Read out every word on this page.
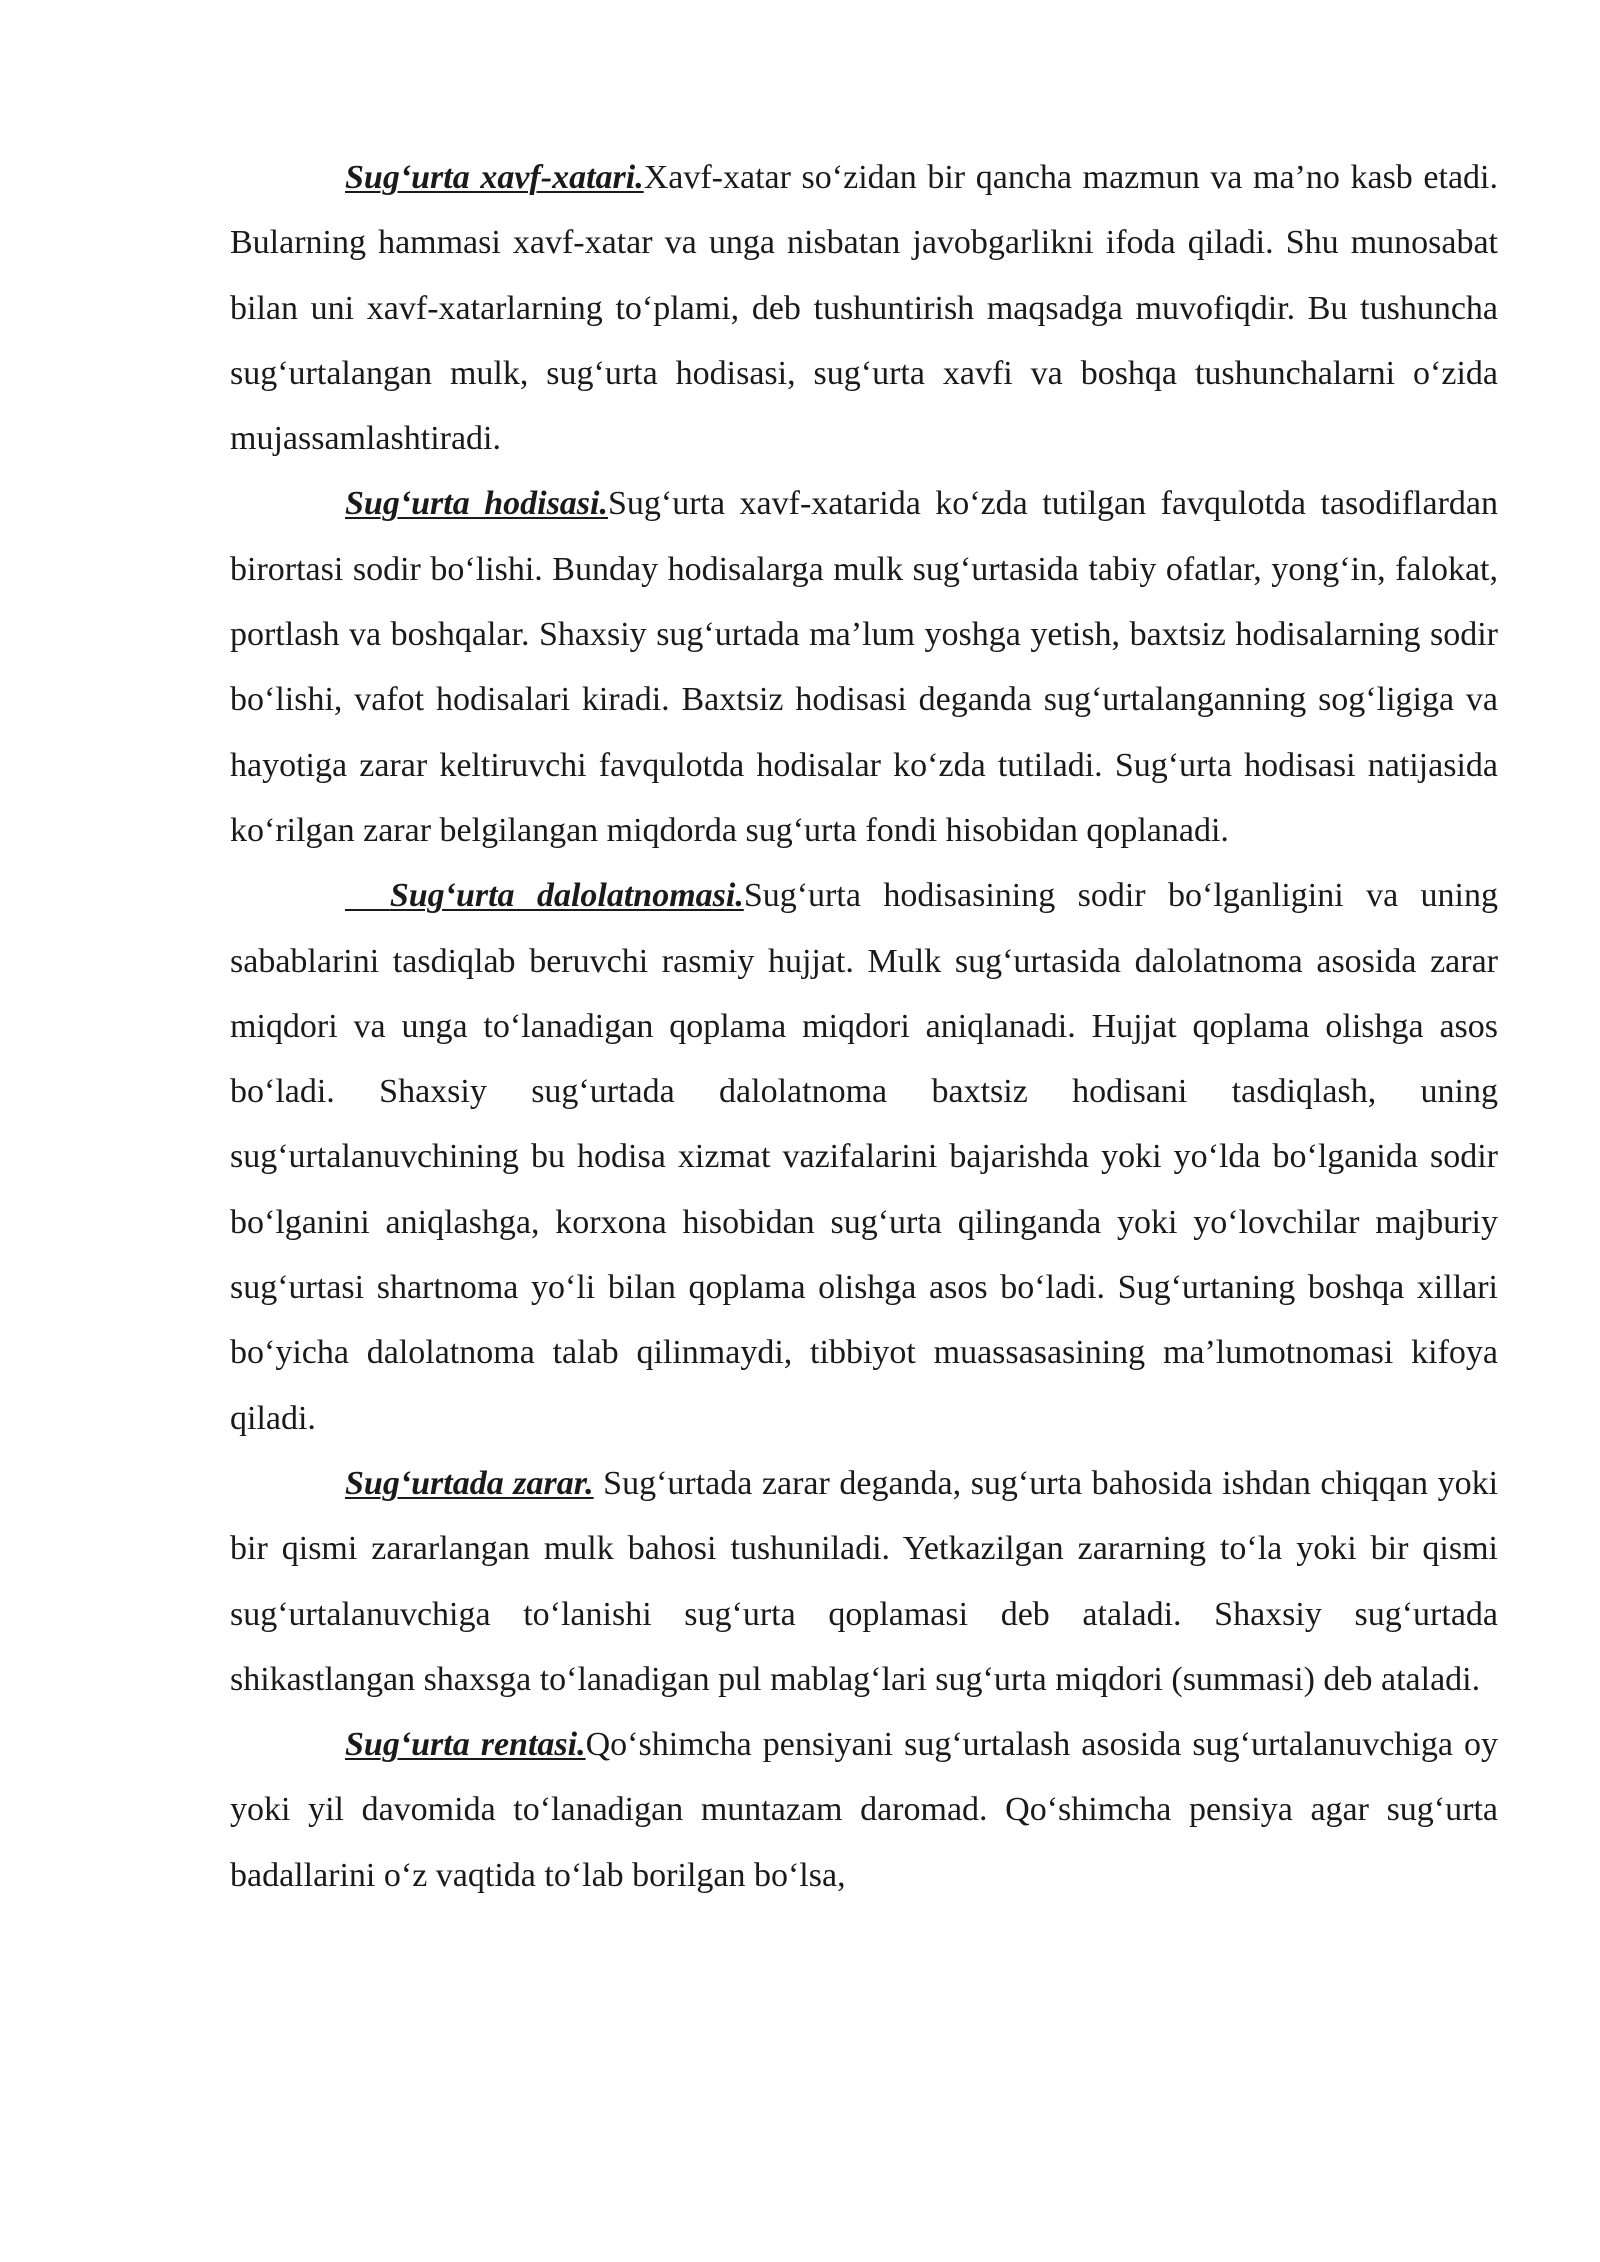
Sug‘urta xavf-xatari.Xavf-xatar so‘zidan bir qancha mazmun va ma’no kasb etadi. Bularning hammasi xavf-xatar va unga nisbatan javobgarlikni ifoda qiladi. Shu munosabat bilan uni xavf-xatarlarning to‘plami, deb tushuntirish maqsadga muvofiqdir. Bu tushuncha sug‘urtalangan mulk, sug‘urta hodisasi, sug‘urta xavfi va boshqa tushunchalarni o‘zida mujassamlashtiradi.

Sug‘urta hodisasi.Sug‘urta xavf-xatarida ko‘zda tutilgan favqulotda tasodiflardan birortasi sodir bo‘lishi. Bunday hodisalarga mulk sug‘urtasida tabiy ofatlar, yong‘in, falokat, portlash va boshqalar. Shaxsiy sug‘urtada ma’lum yoshga yetish, baxtsiz hodisalarning sodir bo‘lishi, vafot hodisalari kiradi. Baxtsiz hodisasi deganda sug‘urtalanganning sog‘ligiga va hayotiga zarar keltiruvchi favqulotda hodisalar ko‘zda tutiladi. Sug‘urta hodisasi natijasida ko‘rilgan zarar belgilangan miqdorda sug‘urta fondi hisobidan qoplanadi.

Sug‘urta dalolatnomasi.Sug‘urta hodisasining sodir bo‘lganligini va uning sabablarini tasdiqlab beruvchi rasmiy hujjat. Mulk sug‘urtasida dalolatnoma asosida zarar miqdori va unga to‘lanadigan qoplama miqdori aniqlanadi. Hujjat qoplama olishga asos bo‘ladi. Shaxsiy sug‘urtada dalolatnoma baxtsiz hodisani tasdiqlash, uning sug‘urtalanuvchining bu hodisa xizmat vazifalarini bajarishda yoki yo‘lda bo‘lganida sodir bo‘lganini aniqlashga, korxona hisobidan sug‘urta qilinganda yoki yo‘lovchilar majburiy sug‘urtasi shartnoma yo‘li bilan qoplama olishga asos bo‘ladi. Sug‘urtaning boshqa xillari bo‘yicha dalolatnoma talab qilinmaydi, tibbiyot muassasasining ma’lumotnomasi kifoya qiladi.

Sug‘urtada zarar. Sug‘urtada zarar deganda, sug‘urta bahosida ishdan chiqqan yoki bir qismi zararlangan mulk bahosi tushuniladi. Yetkazilgan zararning to‘la yoki bir qismi sug‘urtalanuvchiga to‘lanishi sug‘urta qoplamasi deb ataladi. Shaxsiy sug‘urtada shikastlangan shaxsga to‘lanadigan pul mablag‘lari sug‘urta miqdori (summasi) deb ataladi.

Sug‘urta rentasi.Qo‘shimcha pensiyani sug‘urtalash asosida sug‘urtalanuvchiga oy yoki yil davomida to‘lanadigan muntazam daromad. Qo‘shimcha pensiya agar sug‘urta badallarini o‘z vaqtida to‘lab borilgan bo‘lsa,
